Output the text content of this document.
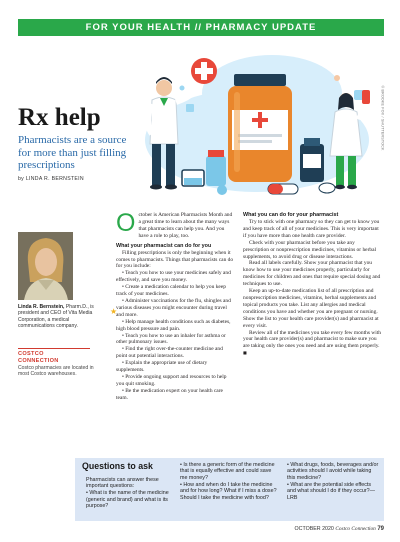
FOR YOUR HEALTH // PHARMACY UPDATE
© BROOKE FOX / SHUTTERSTOCK
Rx help
Pharmacists are a source for more than just filling prescriptions
by LINDA R. BERNSTEIN
Linda R. Bernstein, Pharm.D., is president and CEO of Vita Media Corporation, a medical communications company.
★
COSTCO
CONNECTION
Costco pharmacies are located in most Costco warehouses.
O ctober is American Pharmacists Month and a great time to learn about the many ways that pharmacists can help you. And you have a role to play, too.

What your pharmacist can do for you

Filling prescriptions is only the beginning when it comes to pharmacists. Things that pharmacists can do for you include:

• Teach you how to use your medicines safely and effectively, and save you money.

• Create a medication calendar to help you keep track of your medicines.

• Administer vaccinations for the flu, shingles and various diseases you might encounter during travel and more.

• Help manage health conditions such as diabetes, high blood pressure and pain.

• Teach you how to use an inhaler for asthma or other pulmonary issues.

• Find the right over-the-counter medicine and point out potential interactions.

• Explain the appropriate use of dietary supplements.

• Provide ongoing support and resources to help you quit smoking.

• Be the medication expert on your health care team.

What you can do for your pharmacist

Try to stick with one pharmacy so they can get to know you and keep track of all of your medicines. This is very important if you have more than one health care provider.

Check with your pharmacist before you take any prescription or nonprescription medicines, vitamins or herbal supplements, to avoid drug or disease interactions.

Read all labels carefully. Show your pharmacist that you know how to use your medicines properly, particularly for medicines for children and ones that require special dosing and techniques to use.

Keep an up-to-date medication list of all prescription and nonprescription medicines, vitamins, herbal supplements and topical products you take. List any allergies and medical conditions you have and whether you are pregnant or nursing. Show the list to your health care provider(s) and pharmacist at every visit.

Review all of the medicines you take every few months with your health care provider(s) and pharmacist to make sure you are taking only the ones you need and are using them properly. ■

Questions to ask

Pharmacists can answer these important questions:

• What is the name of the medicine (generic and brand) and what is its purpose?

• Is there a generic form of the medicine that is equally effective and could save me money?

• How and when do I take the medicine and for how long? What if I miss a dose? Should I take the medicine with food?

• What drugs, foods, beverages and/or activities should I avoid while taking this medicine?

• What are the potential side effects and what should I do if they occur?—LRB

OCTOBER 2020 Costco Connection 79
